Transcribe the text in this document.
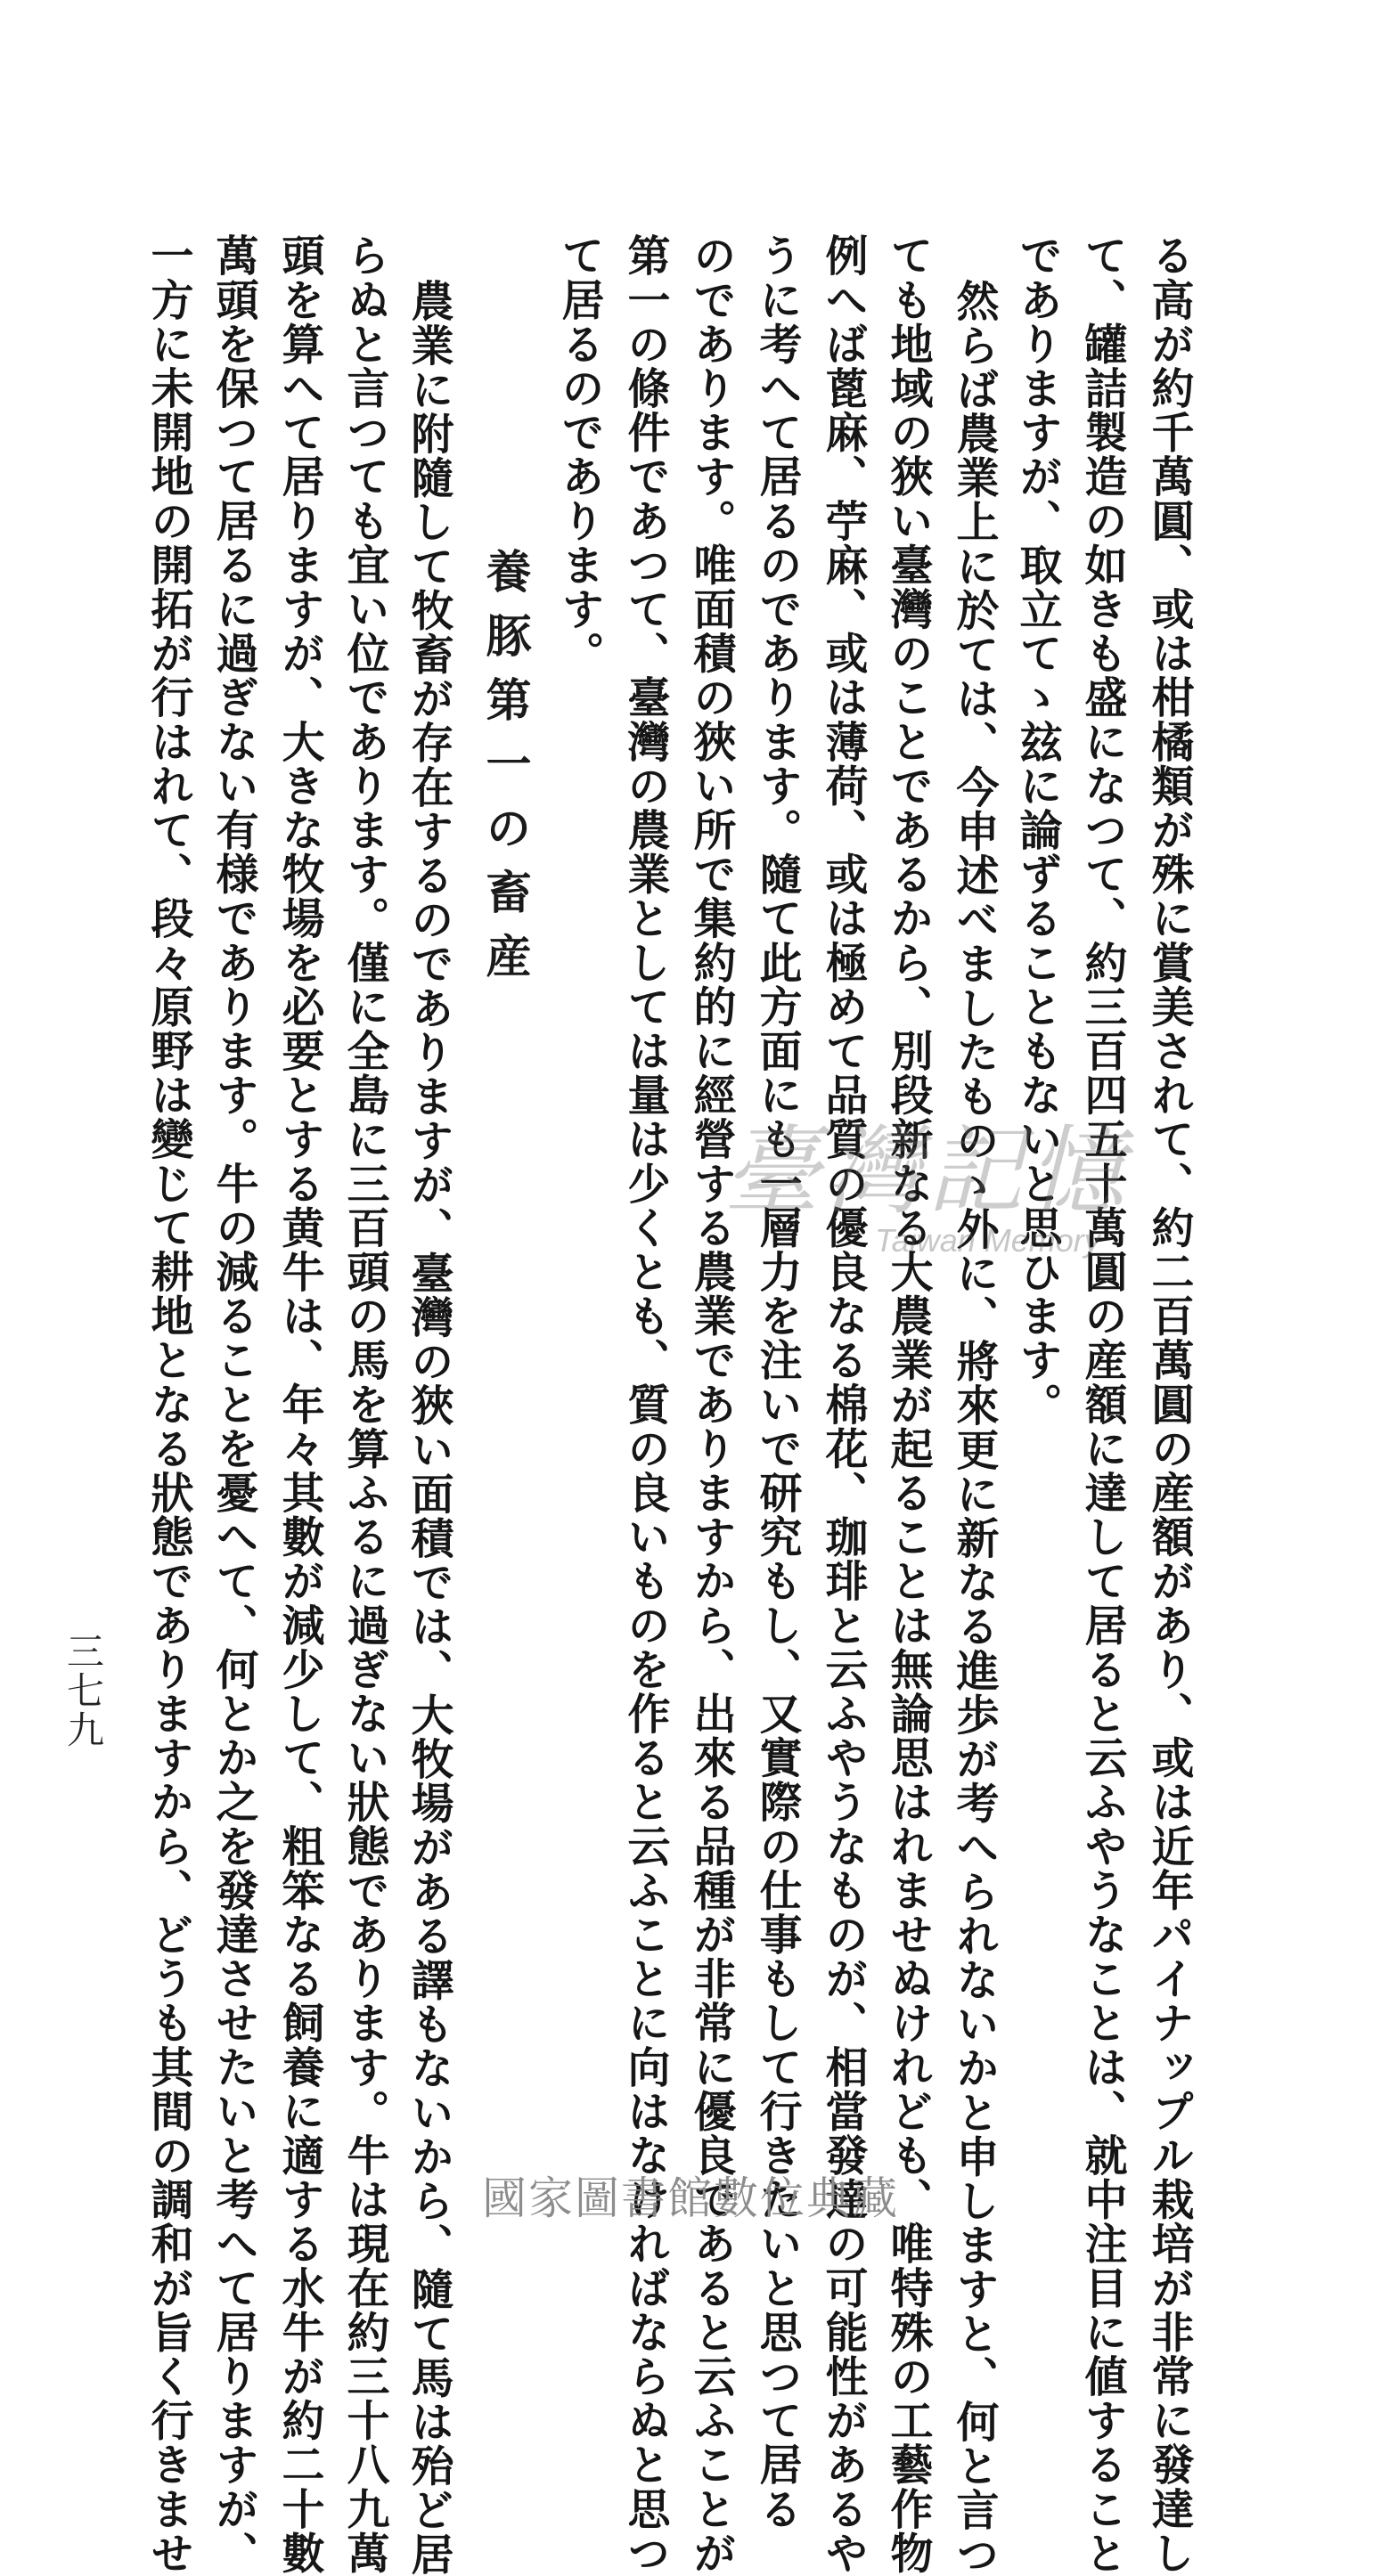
る高が約千萬圓、或は柑橘類が殊に賞美されて、約二百萬圓の産額があり、或は近年パイナップル栽培が非常に發達し
て、罐詰製造の如きも盛になつて、約三百四五十萬圓の産額に達して居ると云ふやうなことは、就中注目に値すること
でありますが、取立てゝ玆に論ずることもないと思ひます。
然らば農業上に於ては、今申述べましたものゝ外に、將來更に新なる進歩が考へられないかと申しますと、何と言つ
ても地域の狹い臺灣のことであるから、別段新なる大農業が起ることは無論思はれませぬけれども、唯特殊の工藝作物
例へば蓖麻、苧麻、或は薄荷、或は極めて品質の優良なる棉花、珈琲と云ふやうなものが、相當發達の可能性があるや
うに考へて居るのであります。隨て此方面にも一層力を注いで研究もし、又實際の仕事もして行きたいと思つて居る
のであります。唯面積の狹い所で集約的に經營する農業でありますから、出來る品種が非常に優良であると云ふことが
第一の條件であつて、臺灣の農業としては量は少くとも、質の良いものを作ると云ふことに向はなければならぬと思つ
て居るのであります。
養豚第一の畜産
農業に附隨して牧畜が存在するのでありますが、臺灣の狹い面積では、大牧場がある譯もないから、隨て馬は殆ど居
らぬと言つても宜い位であります。僅に全島に三百頭の馬を算ふるに過ぎない狀態であります。牛は現在約三十八九萬
頭を算へて居りますが、大きな牧場を必要とする黄牛は、年々其數が減少して、粗笨なる飼養に適する水牛が約二十數
萬頭を保つて居るに過ぎない有様であります。牛の減ることを憂へて、何とか之を發達させたいと考へて居りますが、
一方に未開地の開拓が行はれて、段々原野は變じて耕地となる狀態でありますから、どうも其間の調和が旨く行きませ
三七九
臺灣記憶
Taiwan Memory
國家圖書館數位典藏
